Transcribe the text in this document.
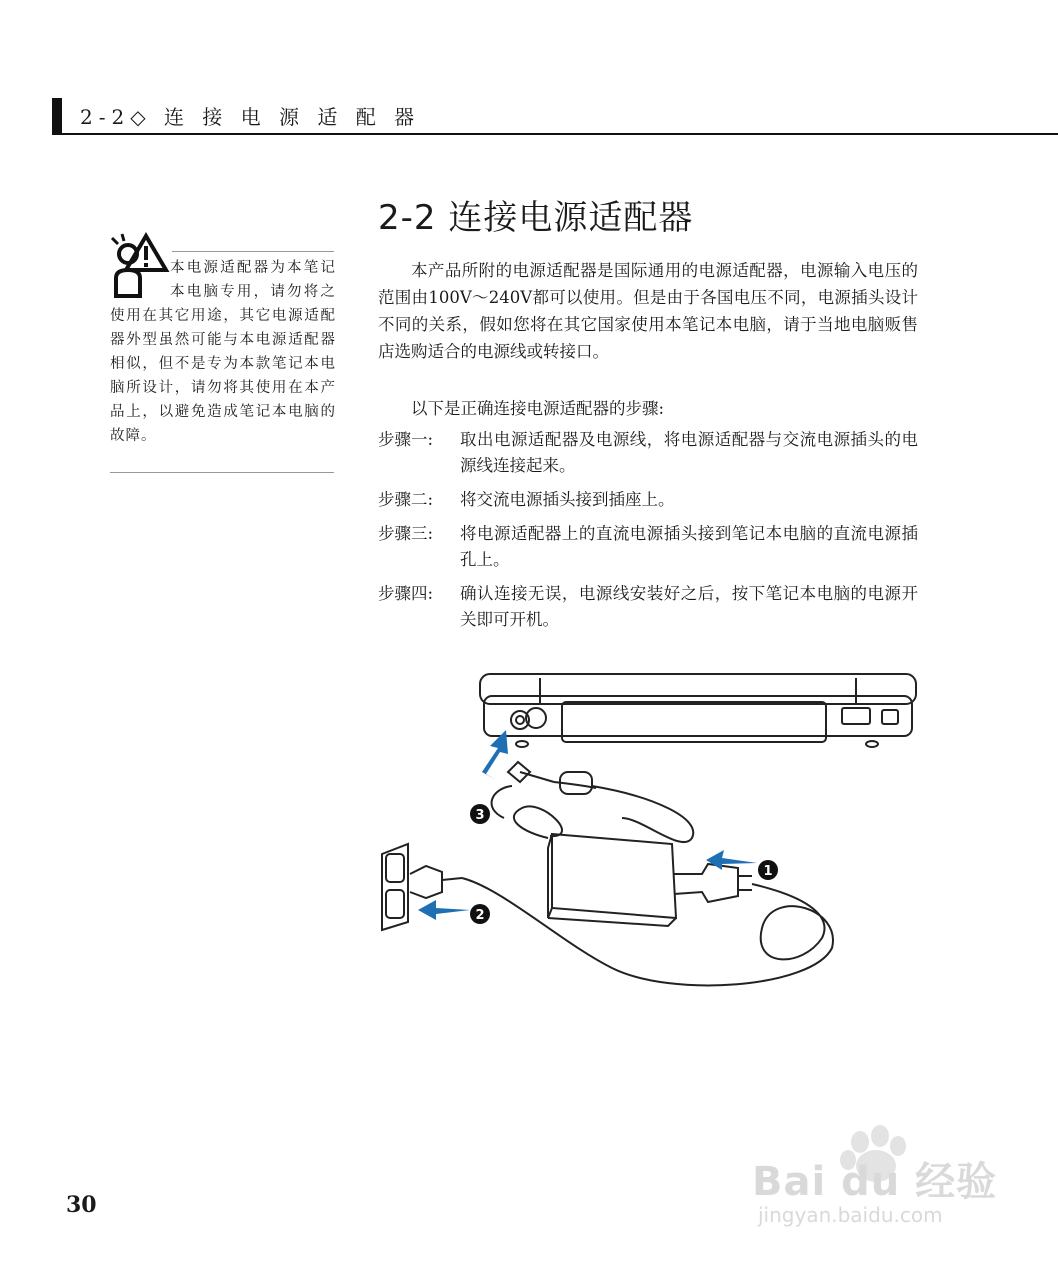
2-2◇ 连 接 电 源 适 配 器
2-2 连接电源适配器

本电源适配器为本笔记本电脑专用，请勿将之使用在其它用途，其它电源适配器外型虽然可能与本电源适配器相似，但不是专为本款笔记本电脑所设计，请勿将其使用在本产品上，以避免造成笔记本电脑的故障。

本产品所附的电源适配器是国际通用的电源适配器，电源输入电压的范围由100V～240V都可以使用。但是由于各国电压不同，电源插头设计不同的关系，假如您将在其它国家使用本笔记本电脑，请于当地电脑贩售店选购适合的电源线或转接口。

以下是正确连接电源适配器的步骤:

步骤一:	取出电源适配器及电源线，将电源适配器与交流电源插头的电源线连接起来。
步骤二:	将交流电源插头接到插座上。
步骤三:	将电源适配器上的直流电源插头接到笔记本电脑的直流电源插孔上。
步骤四:	确认连接无误，电源线安装好之后，按下笔记本电脑的电源开关即可开机。
3
1
2
30	Bai du 经验
jingyan.baidu.com
